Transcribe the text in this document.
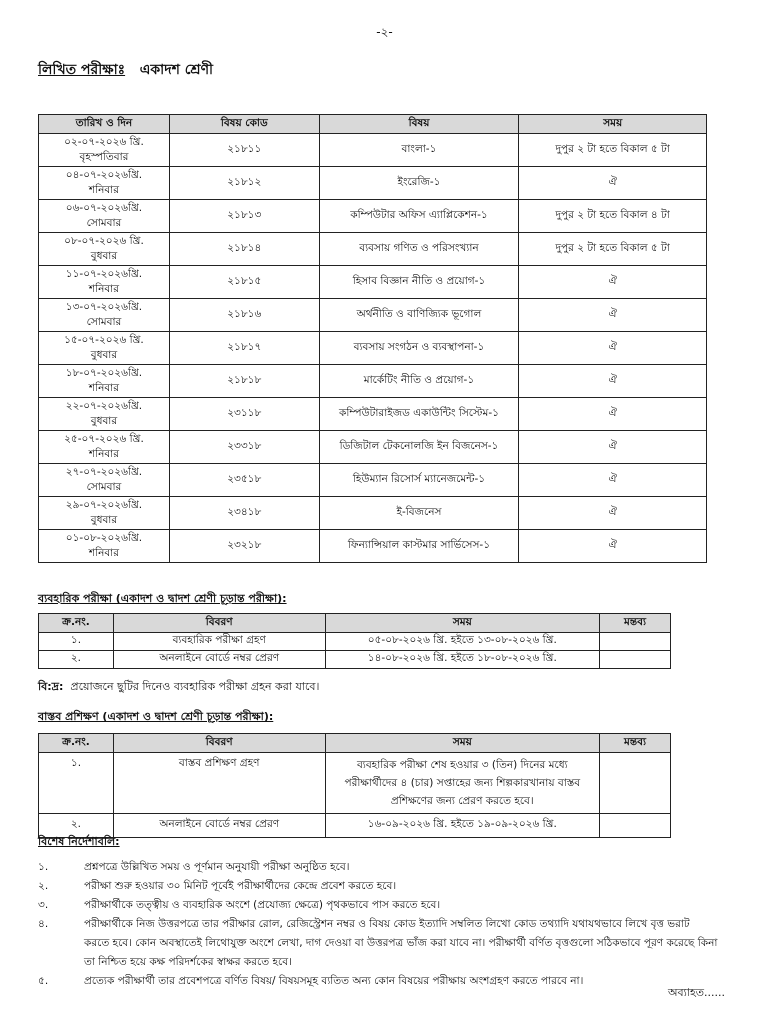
-২-
লিখিত পরীক্ষাঃ একাদশ শ্রেণী
তারিখ ও দিন	বিষয় কোড	বিষয়	সময়
০২-০৭-২০২৬ খ্রি.
বৃহস্পতিবার	২১৮১১	বাংলা-১	দুপুর ২ টা হতে বিকাল ৫ টা
০৪-০৭-২০২৬খ্রি.
শনিবার	২১৮১২	ইংরেজি-১	ঐ
০৬-০৭-২০২৬খ্রি.
সোমবার	২১৮১৩	কম্পিউটার অফিস এ্যাপ্লিকেশন-১	দুপুর ২ টা হতে বিকাল ৪ টা
০৮-০৭-২০২৬ খ্রি.
বুধবার	২১৮১৪	ব্যবসায় গণিত ও পরিসংখ্যান	দুপুর ২ টা হতে বিকাল ৫ টা
১১-০৭-২০২৬খ্রি.
শনিবার	২১৮১৫	হিসাব বিজ্ঞান নীতি ও প্রয়োগ-১	ঐ
১৩-০৭-২০২৬খ্রি.
সোমবার	২১৮১৬	অর্থনীতি ও বাণিজ্যিক ভূগোল	ঐ
১৫-০৭-২০২৬ খ্রি.
বুধবার	২১৮১৭	ব্যবসায় সংগঠন ও ব্যবস্থাপনা-১	ঐ
১৮-০৭-২০২৬খ্রি.
শনিবার	২১৮১৮	মার্কেটিং নীতি ও প্রয়োগ-১	ঐ
২২-০৭-২০২৬খ্রি.
বুধবার	২৩১১৮	কম্পিউটারাইজড একাউন্টিং সিস্টেম-১	ঐ
২৫-০৭-২০২৬ খ্রি.
শনিবার	২৩৩১৮	ডিজিটাল টেকনোলজি ইন বিজনেস-১	ঐ
২৭-০৭-২০২৬খ্রি.
সোমবার	২৩৫১৮	হিউম্যান রিসোর্স ম্যানেজমেন্ট-১	ঐ
২৯-০৭-২০২৬খ্রি.
বুধবার	২৩৪১৮	ই-বিজনেস	ঐ
০১-০৮-২০২৬খ্রি.
শনিবার	২৩২১৮	ফিন্যান্সিয়াল কাস্টমার সার্ভিসেস-১	ঐ
ব্যবহারিক পরীক্ষা (একাদশ ও দ্বাদশ শ্রেণী চূড়ান্ত পরীক্ষা):
ক্র.নং.	বিবরণ	সময়	মন্তব্য
১.	ব্যবহারিক পরীক্ষা গ্রহণ	০৫-০৮-২০২৬ খ্রি. হইতে ১৩-০৮-২০২৬ খ্রি.	
২.	অনলাইনে বোর্ডে নম্বর প্রেরণ	১৪-০৮-২০২৬ খ্রি. হইতে ১৮-০৮-২০২৬ খ্রি.	
বি:দ্র: প্রয়োজনে ছুটির দিনেও ব্যবহারিক পরীক্ষা গ্রহন করা যাবে।
বাস্তব প্রশিক্ষণ (একাদশ ও দ্বাদশ শ্রেণী চূড়ান্ত পরীক্ষা):
ক্র.নং.	বিবরণ	সময়	মন্তব্য
১.	বাস্তব প্রশিক্ষণ গ্রহণ	ব্যবহারিক পরীক্ষা শেষ হওয়ার ৩ (তিন) দিনের মধ্যে পরীক্ষার্থীদের ৪ (চার) সপ্তাহের জন্য শিল্পকারখানায় বাস্তব প্রশিক্ষণের জন্য প্রেরণ করতে হবে।	
২.	অনলাইনে বোর্ডে নম্বর প্রেরণ	১৬-০৯-২০২৬ খ্রি. হইতে ১৯-০৯-২০২৬ খ্রি.	
বিশেষ নির্দেশাবলি:
১.	প্রশ্নপত্রে উল্লিখিত সময় ও পূর্ণমান অনুযায়ী পরীক্ষা অনুষ্ঠিত হবে।
২.	পরীক্ষা শুরু হওয়ার ৩০ মিনিট পূর্বেই পরীক্ষার্থীদের কেন্দ্রে প্রবেশ করতে হবে।
৩.	পরীক্ষার্থীকে তত্ত্বীয় ও ব্যবহারিক অংশে (প্রযোজ্য ক্ষেত্রে) পৃথকভাবে পাস করতে হবে।
৪.	পরীক্ষার্থীকে নিজ উত্তরপত্রে তার পরীক্ষার রোল, রেজিস্ট্রেশন নম্বর ও বিষয় কোড ইত্যাদি সম্বলিত লিখো কোড তথ্যাদি যথাযথভাবে লিখে বৃত্ত ভরাট করতে হবে। কোন অবস্থাতেই লিথোযুক্ত অংশে লেখা, দাগ দেওয়া বা উত্তরপত্র ভাঁজ করা যাবে না। পরীক্ষার্থী বর্ণিত বৃত্তগুলো সঠিকভাবে পূরণ করেছে কিনা তা নিশ্চিত হয়ে কক্ষ পরিদর্শকের স্বাক্ষর করতে হবে।
৫.	প্রত্যেক পরীক্ষার্থী তার প্রবেশপত্রে বর্ণিত বিষয়/ বিষয়সমূহ ব্যতিত অন্য কোন বিষয়ের পরীক্ষায় অংশগ্রহণ করতে পারবে না।
অব্যাহত......
